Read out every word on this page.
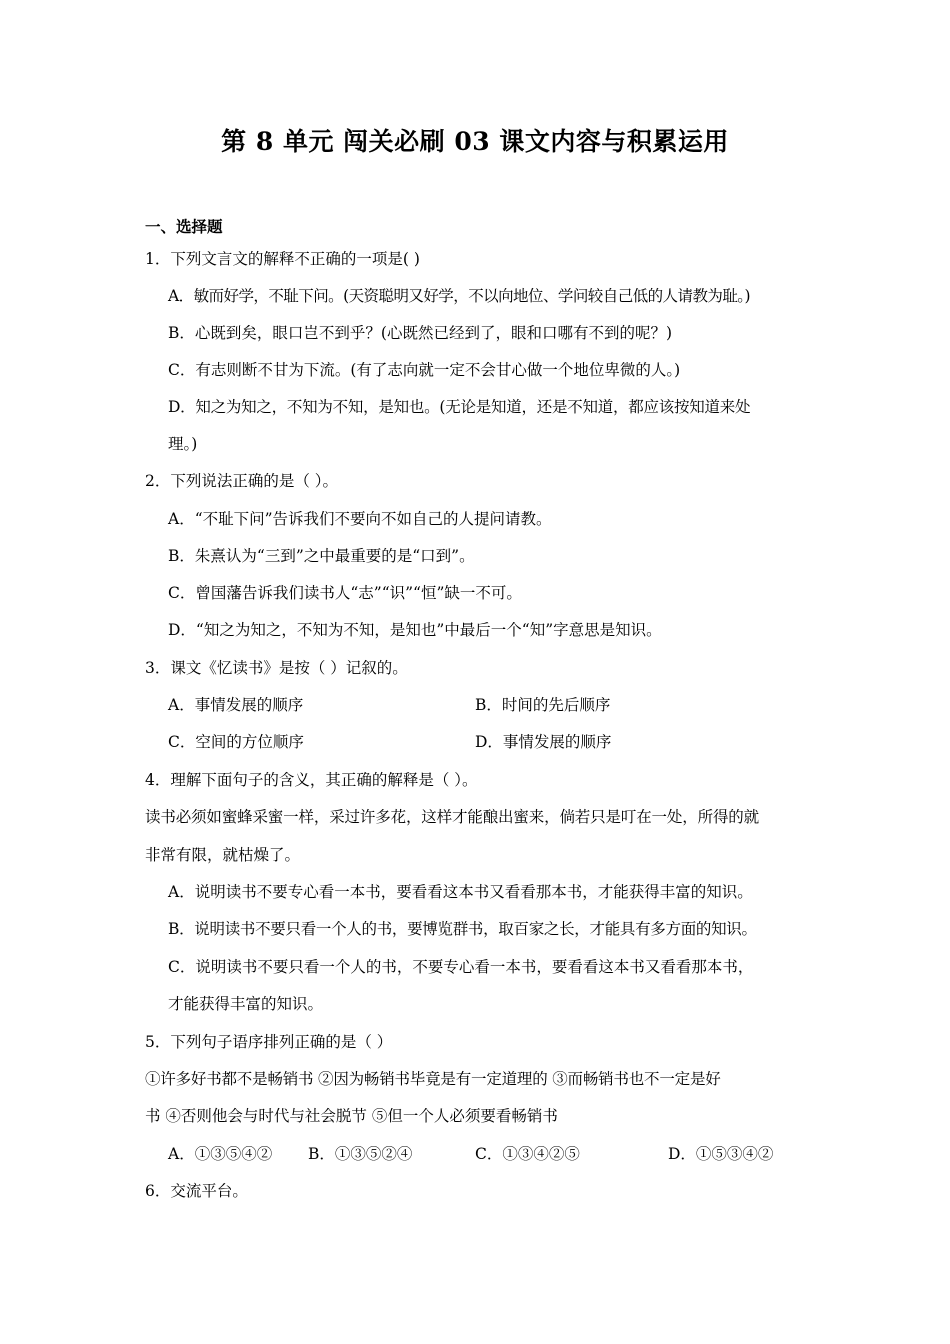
第 8 单元 闯关必刷 03 课文内容与积累运用
一、选择题
1．下列文言文的解释不正确的一项是( )
A．敏而好学，不耻下问。(天资聪明又好学，不以向地位、学问较自己低的人请教为耻。)
B．心既到矣，眼口岂不到乎？(心既然已经到了，眼和口哪有不到的呢？)
C．有志则断不甘为下流。(有了志向就一定不会甘心做一个地位卑微的人。)
D．知之为知之，不知为不知，是知也。(无论是知道，还是不知道，都应该按知道来处
理。)
2．下列说法正确的是（ ）。
A．“不耻下问”告诉我们不要向不如自己的人提问请教。
B．朱熹认为“三到”之中最重要的是“口到”。
C．曾国藩告诉我们读书人“志”“识”“恒”缺一不可。
D．“知之为知之，不知为不知，是知也”中最后一个“知”字意思是知识。
3．课文《忆读书》是按（ ）记叙的。
A．事情发展的顺序	B．时间的先后顺序
C．空间的方位顺序	D．事情发展的顺序
4．理解下面句子的含义，其正确的解释是（ ）。
读书必须如蜜蜂采蜜一样，采过许多花，这样才能酿出蜜来，倘若只是叮在一处，所得的就
非常有限，就枯燥了。
A．说明读书不要专心看一本书，要看看这本书又看看那本书，才能获得丰富的知识。
B．说明读书不要只看一个人的书，要博览群书，取百家之长，才能具有多方面的知识。
C．说明读书不要只看一个人的书，不要专心看一本书，要看看这本书又看看那本书，
才能获得丰富的知识。
5．下列句子语序排列正确的是（ ）
①许多好书都不是畅销书 ②因为畅销书毕竟是有一定道理的 ③而畅销书也不一定是好
书 ④否则他会与时代与社会脱节 ⑤但一个人必须要看畅销书
A．①③⑤④② B．①③⑤②④	C．①③④②⑤	D．①⑤③④②
6．交流平台。
